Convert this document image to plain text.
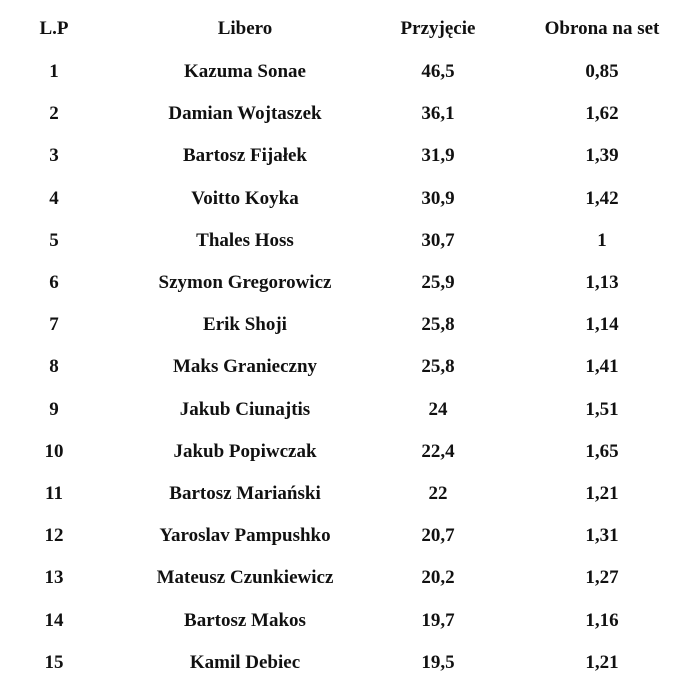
L.P	Libero	Przyjęcie	Obrona na set
1	Kazuma Sonae	46,5	0,85
2	Damian Wojtaszek	36,1	1,62
3	Bartosz Fijałek	31,9	1,39
4	Voitto Koyka	30,9	1,42
5	Thales Hoss	30,7	1
6	Szymon Gregorowicz	25,9	1,13
7	Erik Shoji	25,8	1,14
8	Maks Granieczny	25,8	1,41
9	Jakub Ciunajtis	24	1,51
10	Jakub Popiwczak	22,4	1,65
11	Bartosz Mariański	22	1,21
12	Yaroslav Pampushko	20,7	1,31
13	Mateusz Czunkiewicz	20,2	1,27
14	Bartosz Makos	19,7	1,16
15	Kamil Debiec	19,5	1,21
